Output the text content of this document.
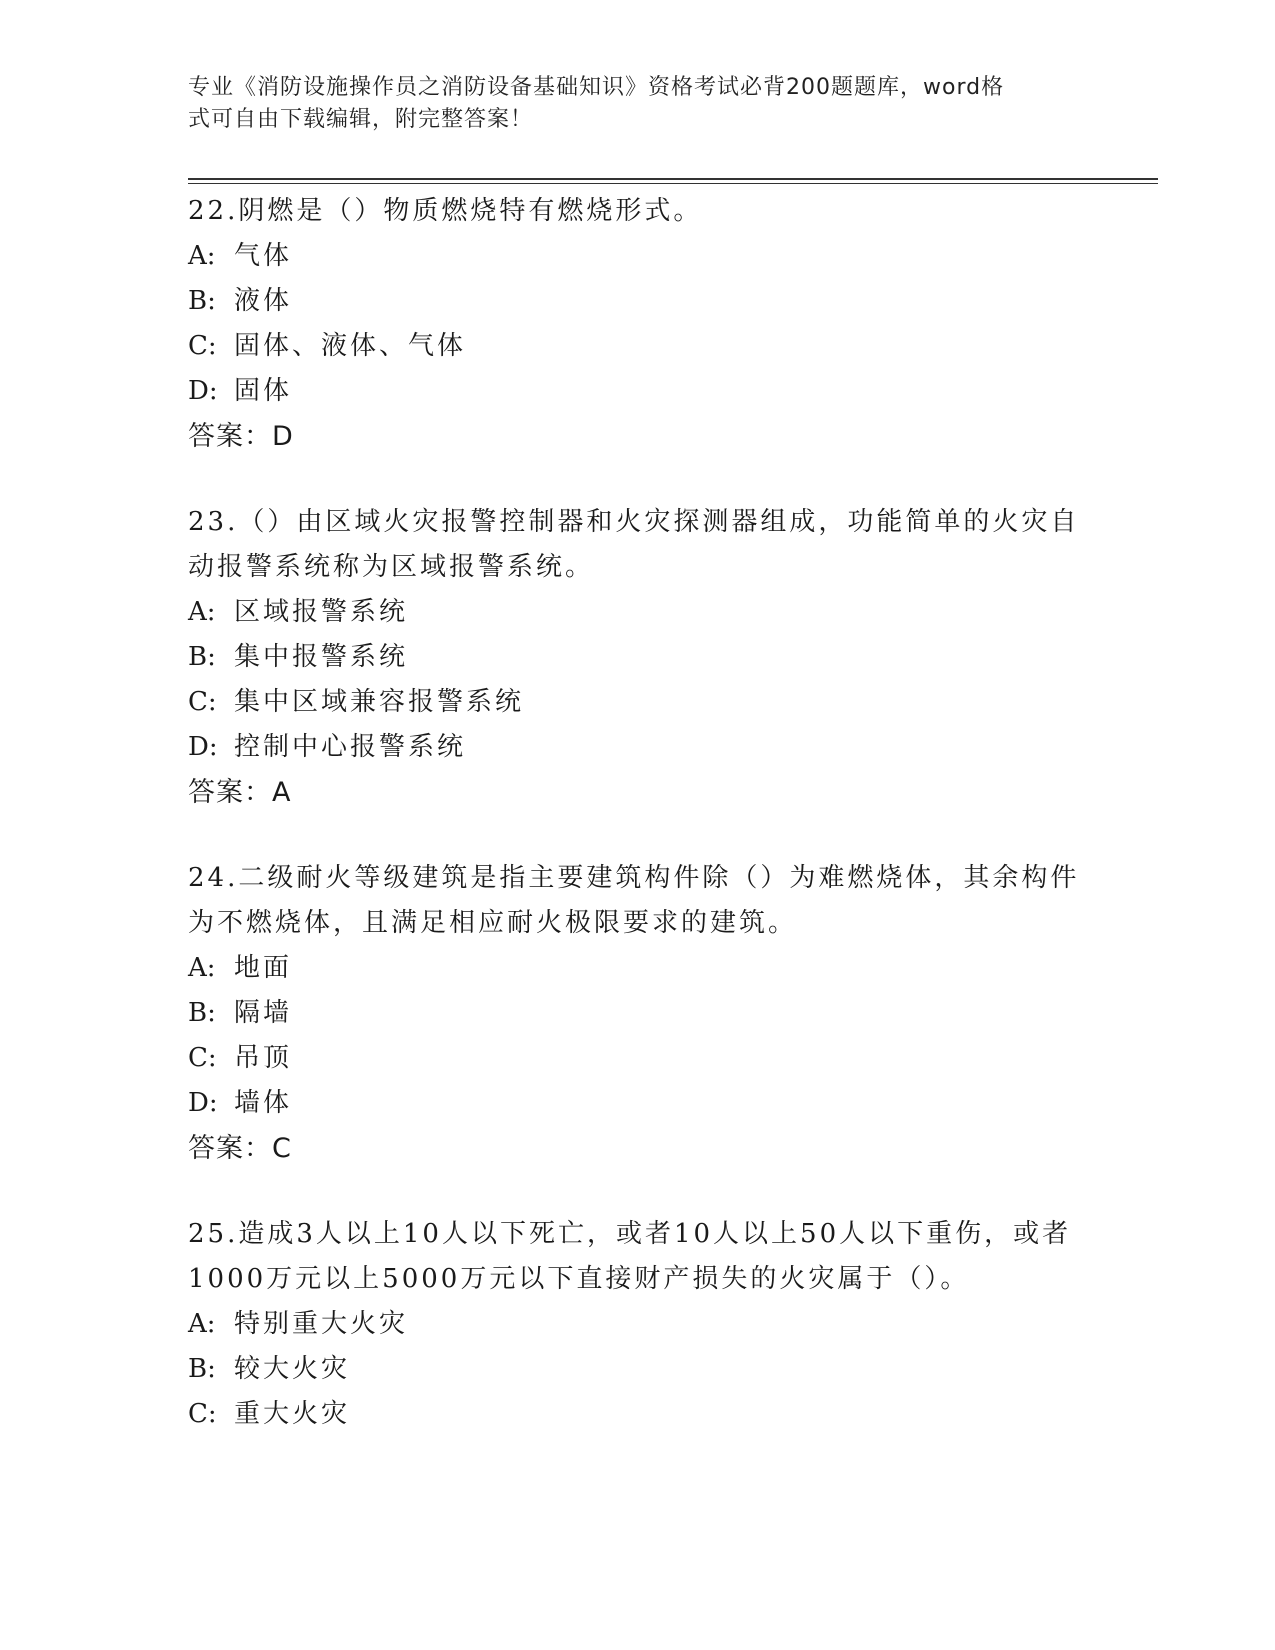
专业《消防设施操作员之消防设备基础知识》资格考试必背200题题库，word格
式可自由下载编辑，附完整答案！

22.阴燃是（）物质燃烧特有燃烧形式。

A: 气体

B: 液体

C: 固体、液体、气体

D: 固体

答案：D

23.（）由区域火灾报警控制器和火灾探测器组成，功能简单的火灾自动报警系统称为区域报警系统。

A: 区域报警系统

B: 集中报警系统

C: 集中区域兼容报警系统

D: 控制中心报警系统

答案：A

24.二级耐火等级建筑是指主要建筑构件除（）为难燃烧体，其余构件为不燃烧体，且满足相应耐火极限要求的建筑。

A: 地面

B: 隔墙

C: 吊顶

D: 墙体

答案：C

25.造成3人以上10人以下死亡，或者10人以上50人以下重伤，或者1000万元以上5000万元以下直接财产损失的火灾属于（）。

A: 特别重大火灾

B: 较大火灾

C: 重大火灾
